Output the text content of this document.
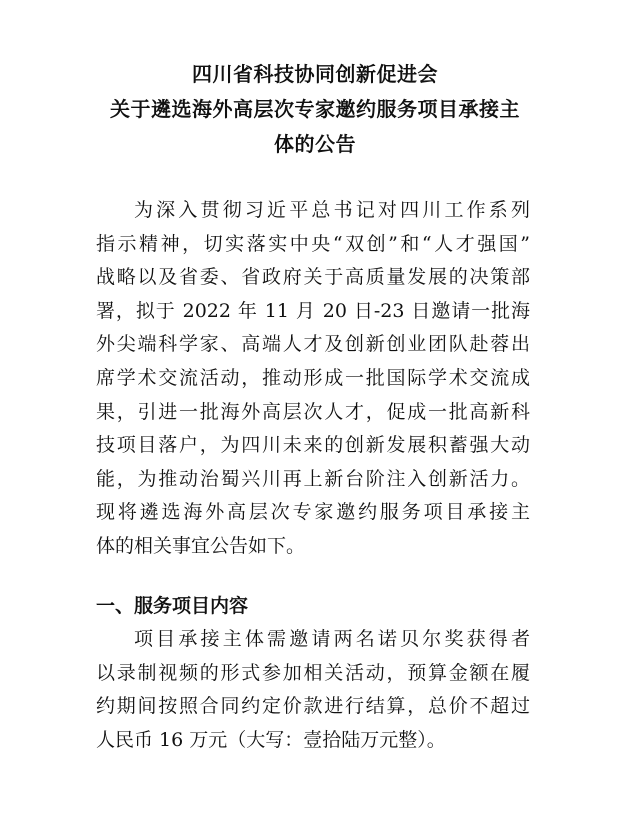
四川省科技协同创新促进会
关于遴选海外高层次专家邀约服务项目承接主
体的公告
为深入贯彻习近平总书记对四川工作系列
指示精神，切实落实中央“双创”和“人才强国”
战略以及省委、省政府关于高质量发展的决策部
署，拟于 2022 年 11 月 20 日-23 日邀请一批海
外尖端科学家、高端人才及创新创业团队赴蓉出
席学术交流活动，推动形成一批国际学术交流成
果，引进一批海外高层次人才，促成一批高新科
技项目落户，为四川未来的创新发展积蓄强大动
能，为推动治蜀兴川再上新台阶注入创新活力。
现将遴选海外高层次专家邀约服务项目承接主
体的相关事宜公告如下。
一、服务项目内容
项目承接主体需邀请两名诺贝尔奖获得者
以录制视频的形式参加相关活动，预算金额在履
约期间按照合同约定价款进行结算，总价不超过
人民币 16 万元（大写：壹拾陆万元整）。
